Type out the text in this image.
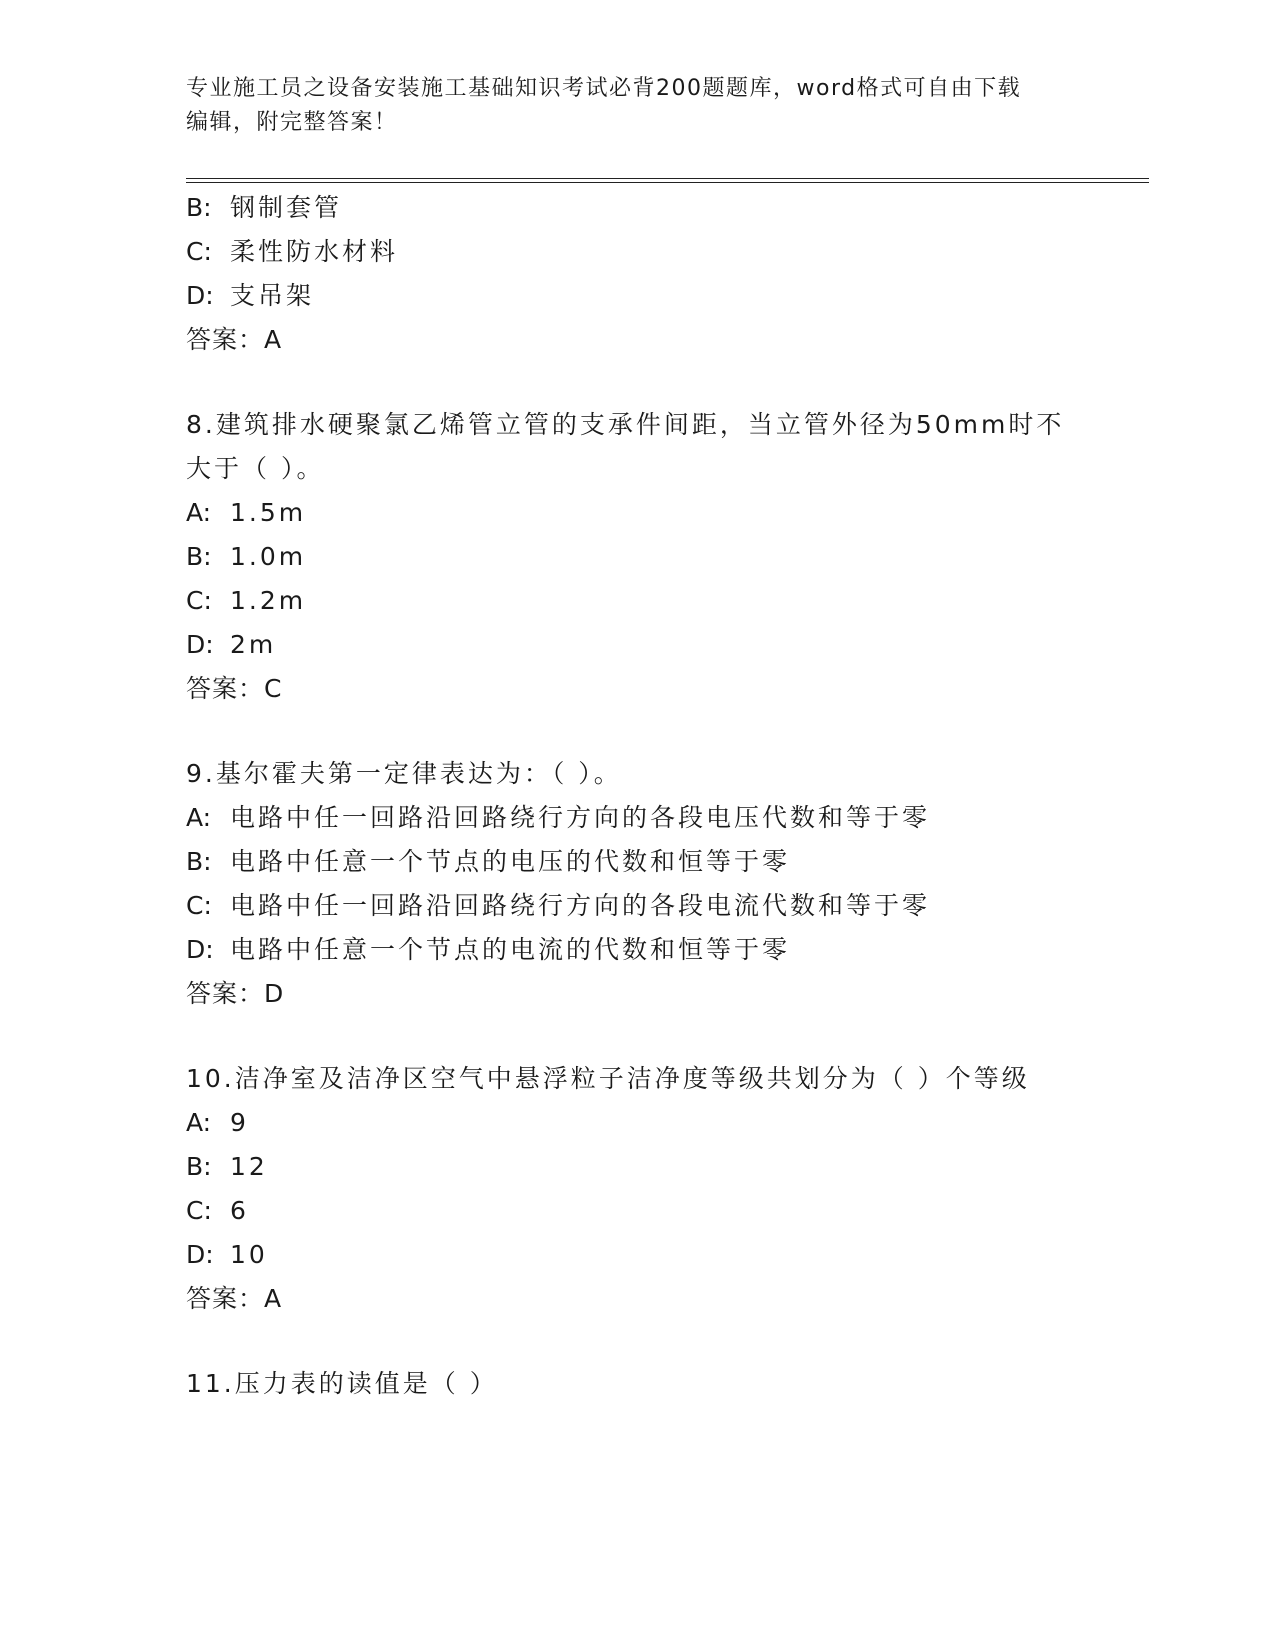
专业施工员之设备安装施工基础知识考试必背200题题库，word格式可自由下载
编辑，附完整答案！
B: 钢制套管
C: 柔性防水材料
D: 支吊架
答案：A
8.建筑排水硬聚氯乙烯管立管的支承件间距，当立管外径为50mm时不
大于（ ）。
A: 1.5m
B: 1.0m
C: 1.2m
D: 2m
答案：C
9.基尔霍夫第一定律表达为：（ ）。
A: 电路中任一回路沿回路绕行方向的各段电压代数和等于零
B: 电路中任意一个节点的电压的代数和恒等于零
C: 电路中任一回路沿回路绕行方向的各段电流代数和等于零
D: 电路中任意一个节点的电流的代数和恒等于零
答案：D
10.洁净室及洁净区空气中悬浮粒子洁净度等级共划分为（ ）个等级
A: 9
B: 12
C: 6
D: 10
答案：A
11.压力表的读值是（ ）
